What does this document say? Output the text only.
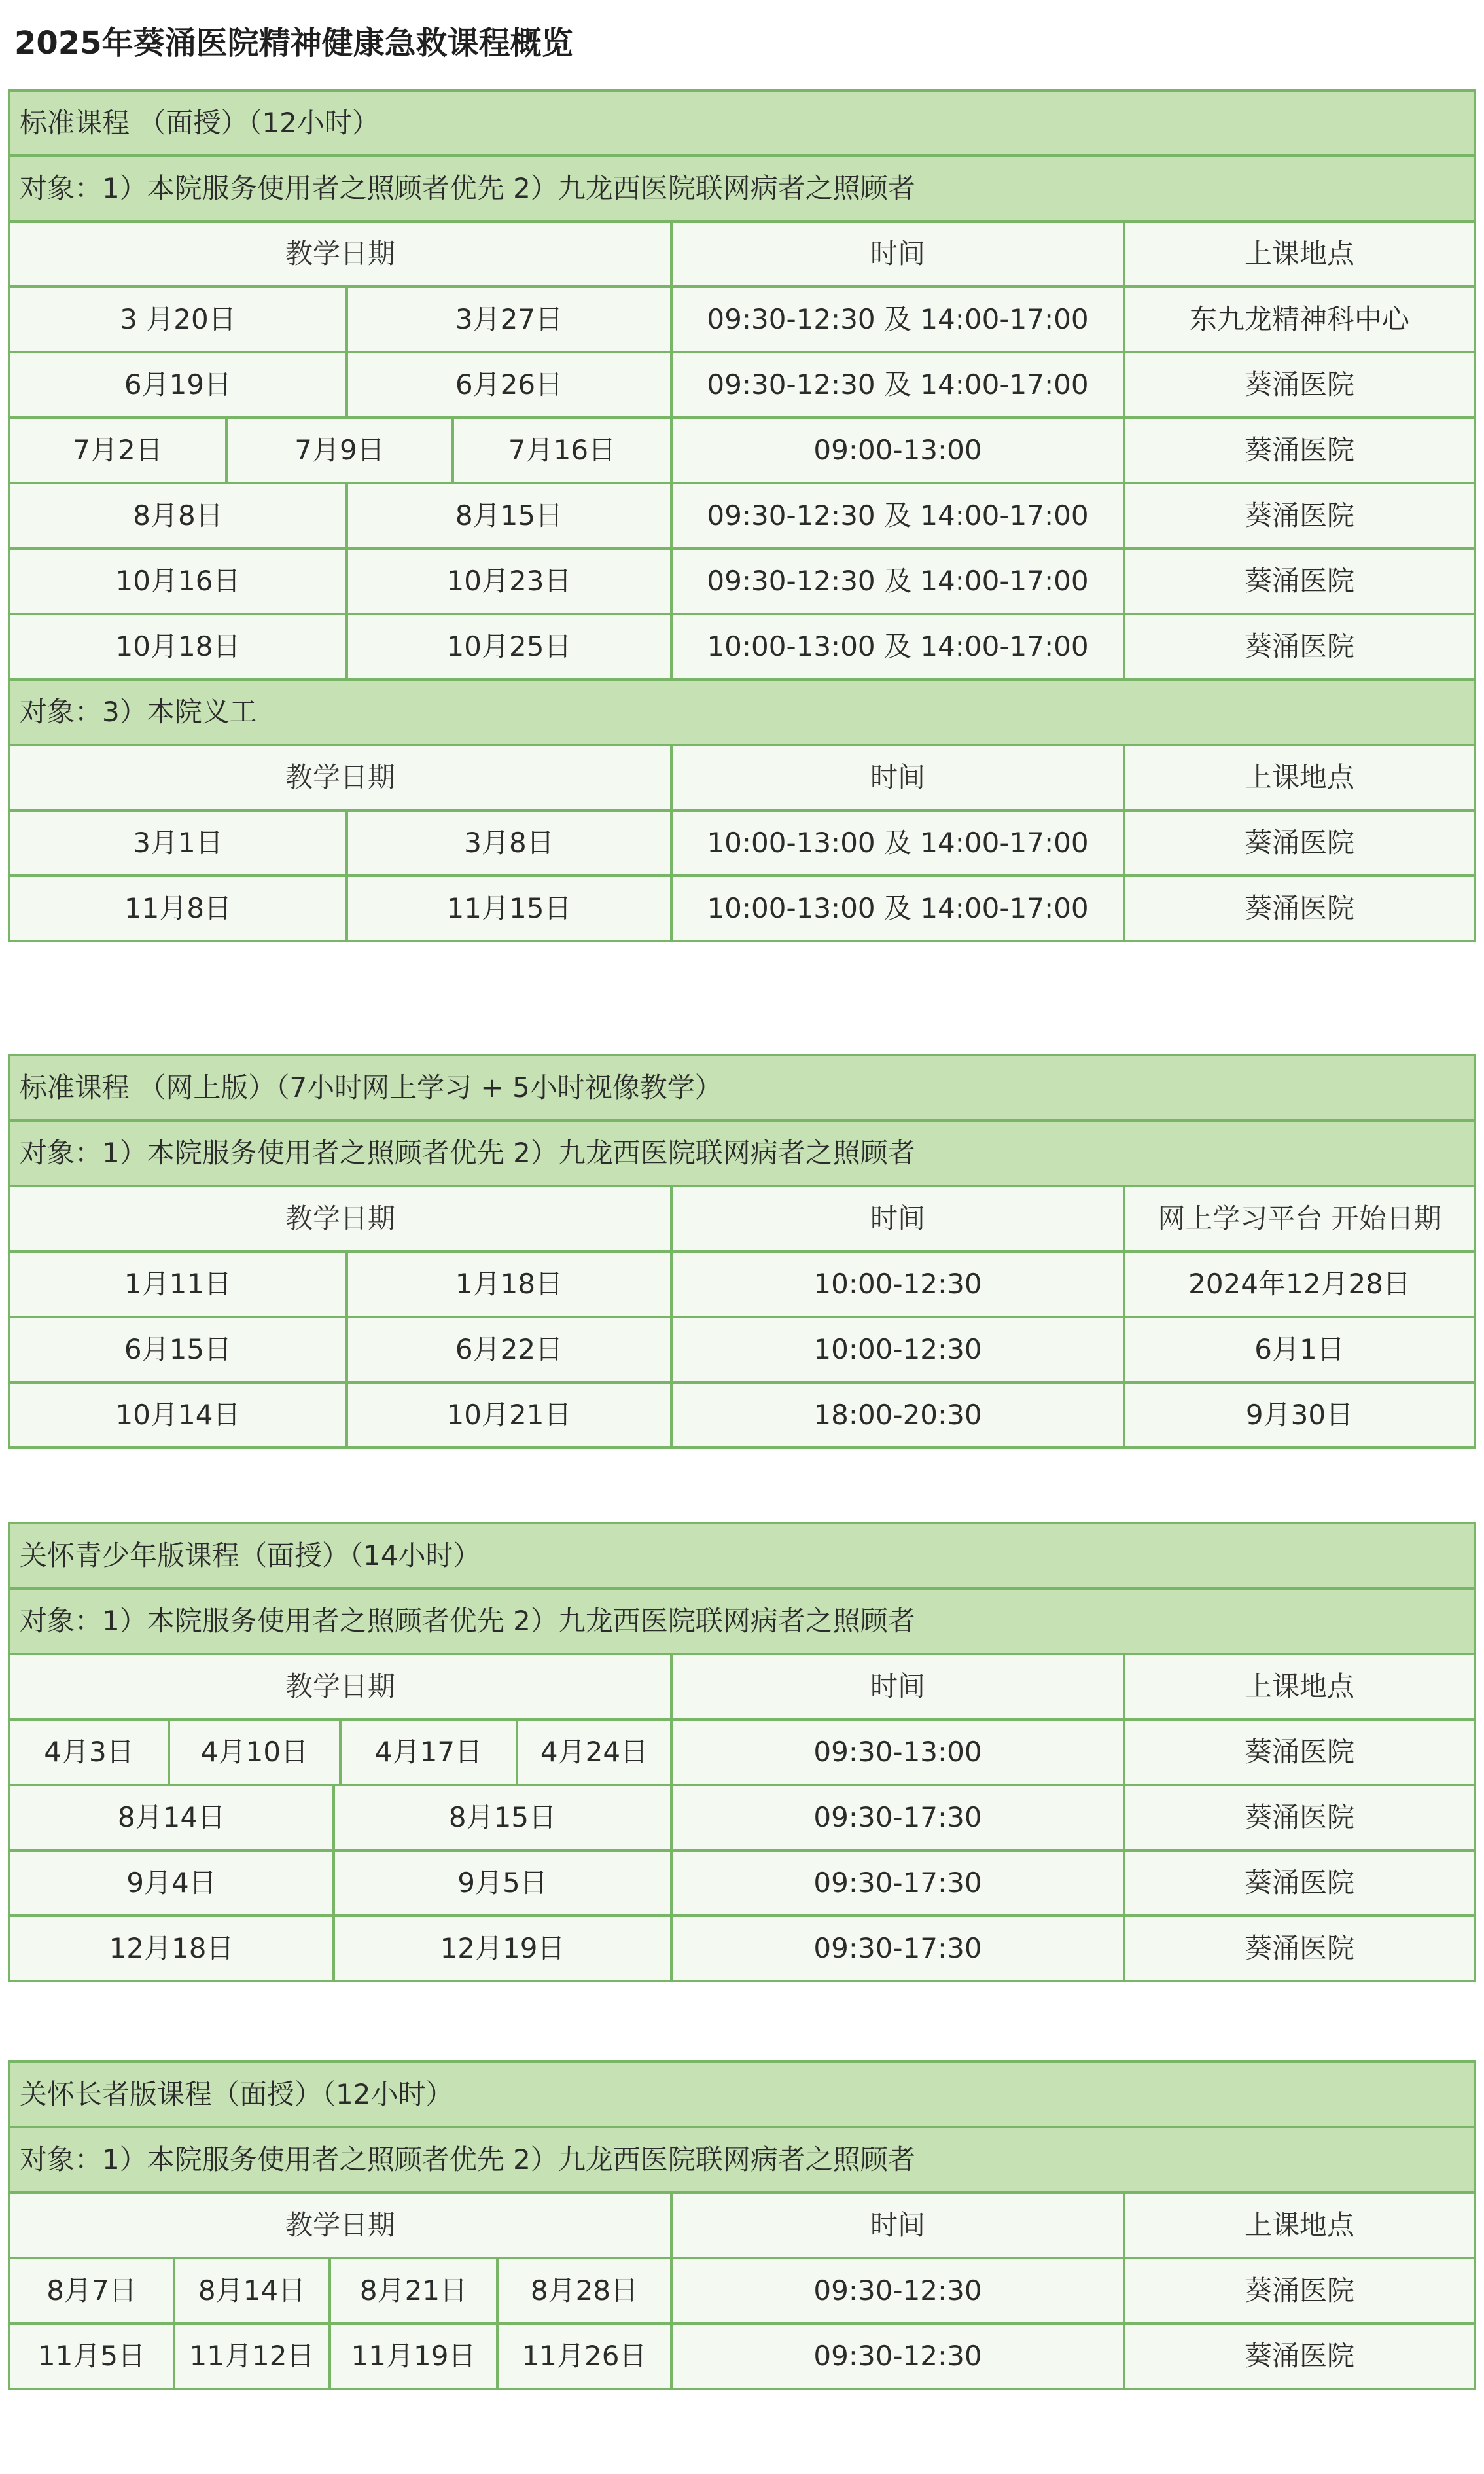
2025年葵涌医院精神健康急救课程概览
标准课程 （面授）（12小时）					
对象：1）本院服务使用者之照顾者优先 2）九龙西医院联网病者之照顾者					
教学日期				时间	上课地点
3 月20日		3月27日		09:30-12:30 及 14:00-17:00	东九龙精神科中心
6月19日		6月26日		09:30-12:30 及 14:00-17:00	葵涌医院
7月2日	7月9日		7月16日	09:00-13:00	葵涌医院
8月8日		8月15日		09:30-12:30 及 14:00-17:00	葵涌医院
10月16日		10月23日		09:30-12:30 及 14:00-17:00	葵涌医院
10月18日		10月25日		10:00-13:00 及 14:00-17:00	葵涌医院
对象：3）本院义工					
教学日期				时间	上课地点
3月1日		3月8日		10:00-13:00 及 14:00-17:00	葵涌医院
11月8日		11月15日		10:00-13:00 及 14:00-17:00	葵涌医院
标准课程 （网上版）（7小时网上学习 + 5小时视像教学）			
对象：1）本院服务使用者之照顾者优先 2）九龙西医院联网病者之照顾者			
教学日期		时间	网上学习平台 开始日期
1月11日	1月18日	10:00-12:30	2024年12月28日
6月15日	6月22日	10:00-12:30	6月1日
10月14日	10月21日	18:00-20:30	9月30日
关怀青少年版课程（面授）（14小时）						
对象：1）本院服务使用者之照顾者优先 2）九龙西医院联网病者之照顾者						
教学日期					时间	上课地点
4月3日	4月10日		4月17日	4月24日	09:30-13:00	葵涌医院
8月14日		8月15日			09:30-17:30	葵涌医院
9月4日		9月5日			09:30-17:30	葵涌医院
12月18日		12月19日			09:30-17:30	葵涌医院
关怀长者版课程（面授）（12小时）					
对象：1）本院服务使用者之照顾者优先 2）九龙西医院联网病者之照顾者					
教学日期				时间	上课地点
8月7日	8月14日	8月21日	8月28日	09:30-12:30	葵涌医院
11月5日	11月12日	11月19日	11月26日	09:30-12:30	葵涌医院
